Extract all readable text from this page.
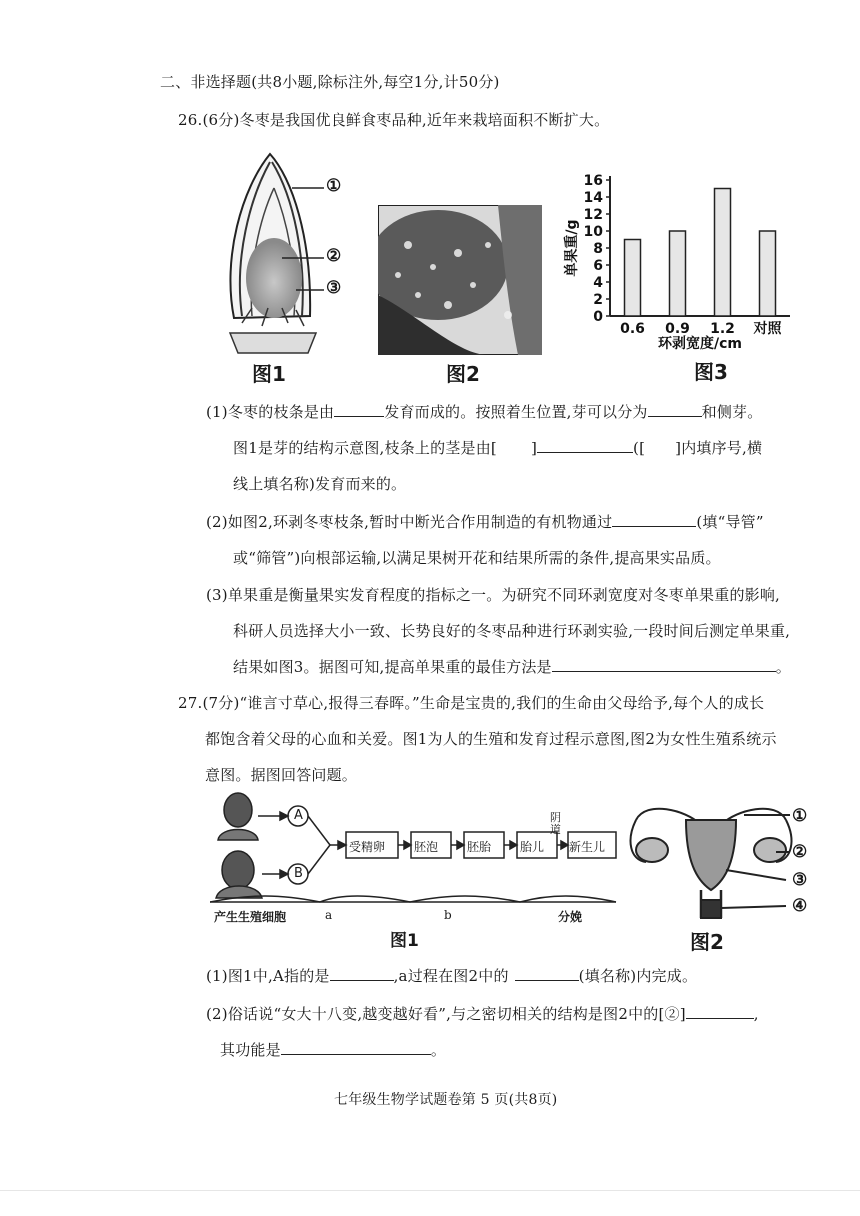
二、非选择题(共8小题,除标注外,每空1分,计50分)
26.(6分)冬枣是我国优良鲜食枣品种,近年来栽培面积不断扩大。
①
②
③
图1	图2
0
2
4
6
8
10
12
14
16
0.6 0.9 1.2 对照
环剥宽度/cm
单果重/g
图3
(1)冬枣的枝条是由	发育而成的。按照着生位置,芽可以分为	和侧芽。
图1是芽的结构示意图,枝条上的茎是由[ ]	([ ]内填序号,横
线上填名称)发育而来的。
(2)如图2,环剥冬枣枝条,暂时中断光合作用制造的有机物通过	(填“导管”
或“筛管”)向根部运输,以满足果树开花和结果所需的条件,提高果实品质。
(3)单果重是衡量果实发育程度的指标之一。为研究不同环剥宽度对冬枣单果重的影响,
科研人员选择大小一致、长势良好的冬枣品种进行环剥实验,一段时间后测定单果重,
结果如图3。据图可知,提高单果重的最佳方法是	。
27.(7分)“谁言寸草心,报得三春晖。”生命是宝贵的,我们的生命由父母给予,每个人的成长
都饱含着父母的心血和关爱。图1为人的生殖和发育过程示意图,图2为女性生殖系统示
意图。据图回答问题。
A
B
受精卵 胚泡 胚胎 胎儿 新生儿
阴道
产生生殖细胞	a	b	分娩
图1
①
②
③
④
图2
(1)图1中,A指的是	,a过程在图2中的	(填名称)内完成。
(2)俗话说“女大十八变,越变越好看”,与之密切相关的结构是图2中的[②]	,
其功能是	。
七年级生物学试题卷第 5 页(共8页)
